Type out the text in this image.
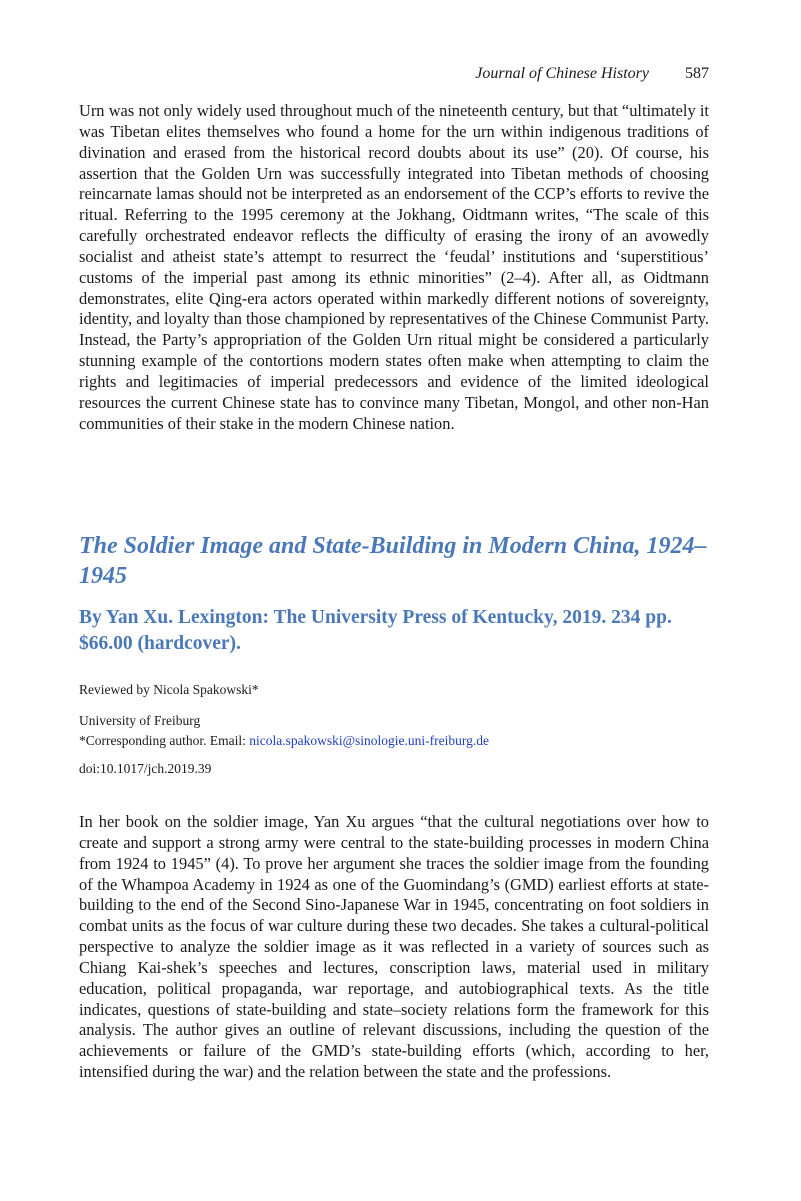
Journal of Chinese History 587

Urn was not only widely used throughout much of the nineteenth century, but that “ultimately it was Tibetan elites themselves who found a home for the urn within indigenous traditions of divination and erased from the historical record doubts about its use” (20). Of course, his assertion that the Golden Urn was successfully integrated into Tibetan methods of choosing reincarnate lamas should not be interpreted as an endorsement of the CCP’s efforts to revive the ritual. Referring to the 1995 ceremony at the Jokhang, Oidtmann writes, “The scale of this carefully orchestrated endeavor reflects the difficulty of erasing the irony of an avowedly socialist and atheist state’s attempt to resurrect the ‘feudal’ institutions and ‘superstitious’ customs of the imperial past among its ethnic minorities” (2–4). After all, as Oidtmann demonstrates, elite Qing-era actors operated within markedly different notions of sovereignty, identity, and loyalty than those championed by representatives of the Chinese Communist Party. Instead, the Party’s appropriation of the Golden Urn ritual might be considered a particularly stunning example of the contortions modern states often make when attempting to claim the rights and legitimacies of imperial predecessors and evidence of the limited ideological resources the current Chinese state has to convince many Tibetan, Mongol, and other non-Han communities of their stake in the modern Chinese nation.

The Soldier Image and State-Building in Modern China, 1924–1945
By Yan Xu. Lexington: The University Press of Kentucky, 2019. 234 pp. $66.00 (hardcover).
Reviewed by Nicola Spakowski*
University of Freiburg
*Corresponding author. Email: nicola.spakowski@sinologie.uni-freiburg.de
doi:10.1017/jch.2019.39

In her book on the soldier image, Yan Xu argues “that the cultural negotiations over how to create and support a strong army were central to the state-building processes in modern China from 1924 to 1945” (4). To prove her argument she traces the soldier image from the founding of the Whampoa Academy in 1924 as one of the Guomindang’s (GMD) earliest efforts at state-building to the end of the Second Sino-Japanese War in 1945, concentrating on foot soldiers in combat units as the focus of war culture during these two decades. She takes a cultural-political perspective to analyze the soldier image as it was reflected in a variety of sources such as Chiang Kai-shek’s speeches and lectures, conscription laws, material used in military education, political propaganda, war reportage, and autobiographical texts. As the title indicates, questions of state-building and state–society relations form the framework for this analysis. The author gives an outline of relevant discussions, including the question of the achievements or failure of the GMD’s state-building efforts (which, according to her, intensified during the war) and the relation between the state and the professions.
